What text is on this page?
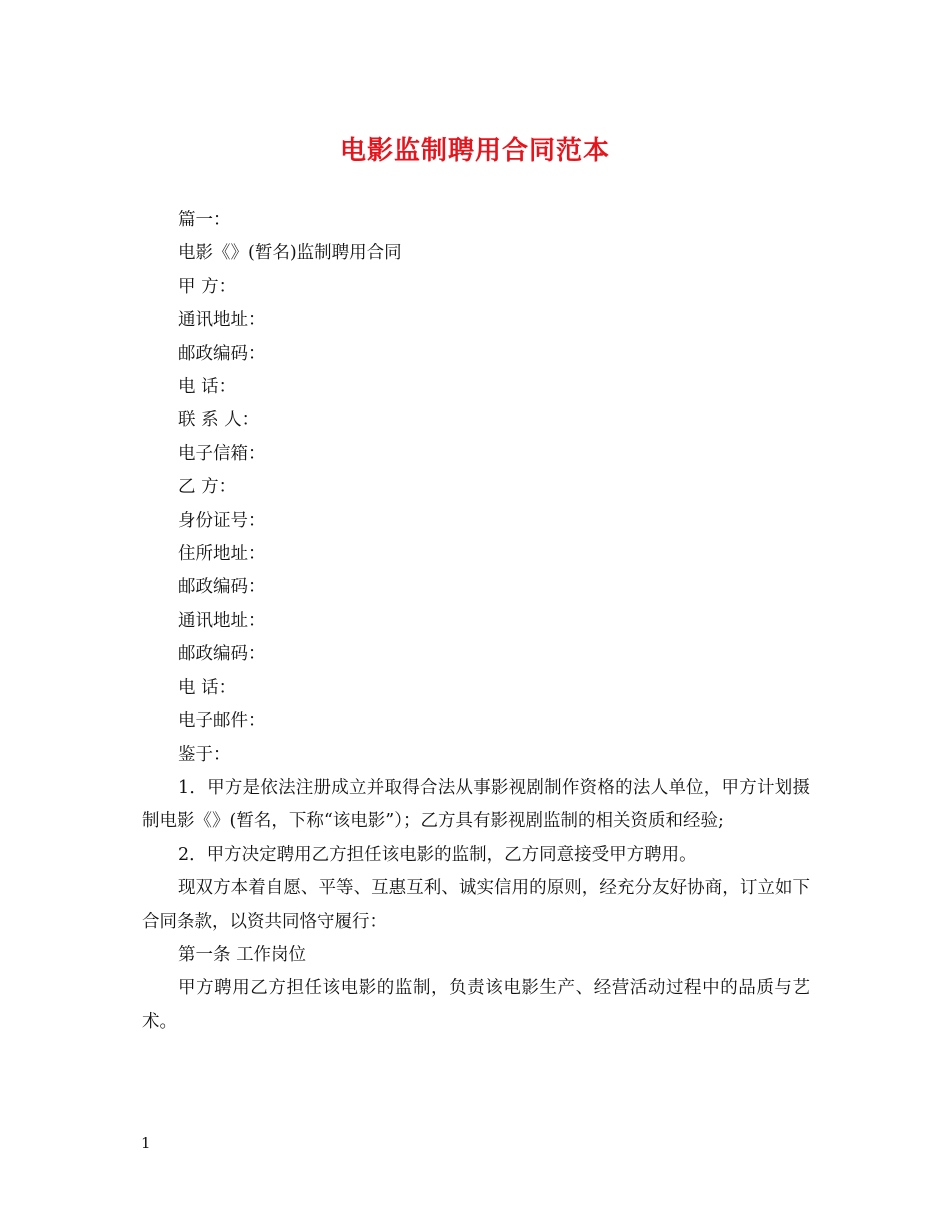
电影监制聘用合同范本
篇一：
电影《》(暂名)监制聘用合同
甲 方：
通讯地址：
邮政编码：
电 话：
联 系 人：
电子信箱：
乙 方：
身份证号：
住所地址：
邮政编码：
通讯地址：
邮政编码：
电 话：
电子邮件：
鉴于：

1．甲方是依法注册成立并取得合法从事影视剧制作资格的法人单位，甲方计划摄制电影《》(暂名，下称“该电影”）；乙方具有影视剧监制的相关资质和经验;

2．甲方决定聘用乙方担任该电影的监制，乙方同意接受甲方聘用。

现双方本着自愿、平等、互惠互利、诚实信用的原则，经充分友好协商，订立如下合同条款，以资共同恪守履行：

第一条 工作岗位

甲方聘用乙方担任该电影的监制，负责该电影生产、经营活动过程中的品质与艺术。

1
